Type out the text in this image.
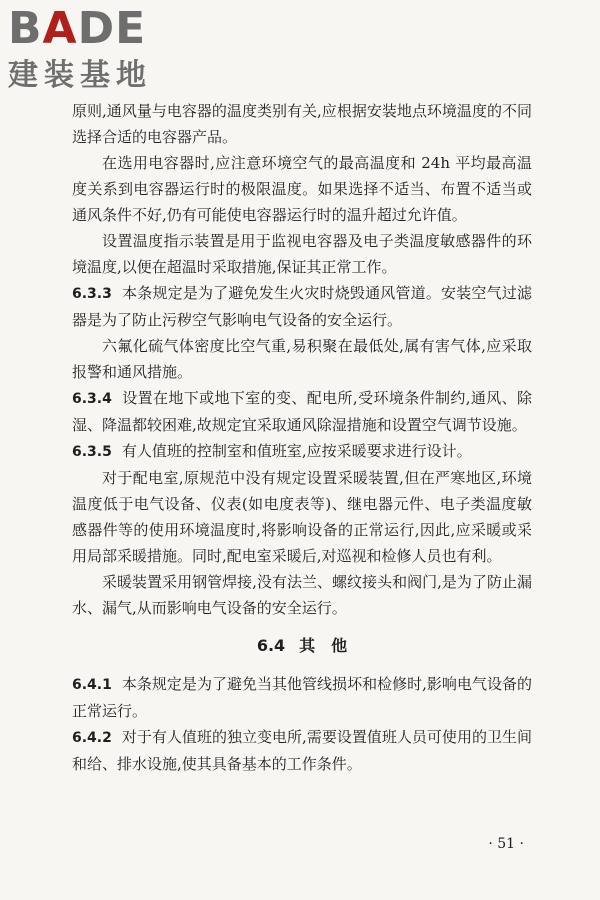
BADE
建装基地

原则,通风量与电容器的温度类别有关,应根据安装地点环境温度的不同选择合适的电容器产品。

在选用电容器时,应注意环境空气的最高温度和 24h 平均最高温度关系到电容器运行时的极限温度。如果选择不适当、布置不适当或通风条件不好,仍有可能使电容器运行时的温升超过允许值。

设置温度指示装置是用于监视电容器及电子类温度敏感器件的环境温度,以便在超温时采取措施,保证其正常工作。

6.3.3 本条规定是为了避免发生火灾时烧毁通风管道。安装空气过滤器是为了防止污秽空气影响电气设备的安全运行。

六氟化硫气体密度比空气重,易积聚在最低处,属有害气体,应采取报警和通风措施。

6.3.4 设置在地下或地下室的变、配电所,受环境条件制约,通风、除湿、降温都较困难,故规定宜采取通风除湿措施和设置空气调节设施。

6.3.5 有人值班的控制室和值班室,应按采暖要求进行设计。

对于配电室,原规范中没有规定设置采暖装置,但在严寒地区,环境温度低于电气设备、仪表(如电度表等)、继电器元件、电子类温度敏感器件等的使用环境温度时,将影响设备的正常运行,因此,应采暖或采用局部采暖措施。同时,配电室采暖后,对巡视和检修人员也有利。

采暖装置采用钢管焊接,没有法兰、螺纹接头和阀门,是为了防止漏水、漏气,从而影响电气设备的安全运行。

6.4 其　他

6.4.1 本条规定是为了避免当其他管线损坏和检修时,影响电气设备的正常运行。

6.4.2 对于有人值班的独立变电所,需要设置值班人员可使用的卫生间和给、排水设施,使其具备基本的工作条件。

· 51 ·
